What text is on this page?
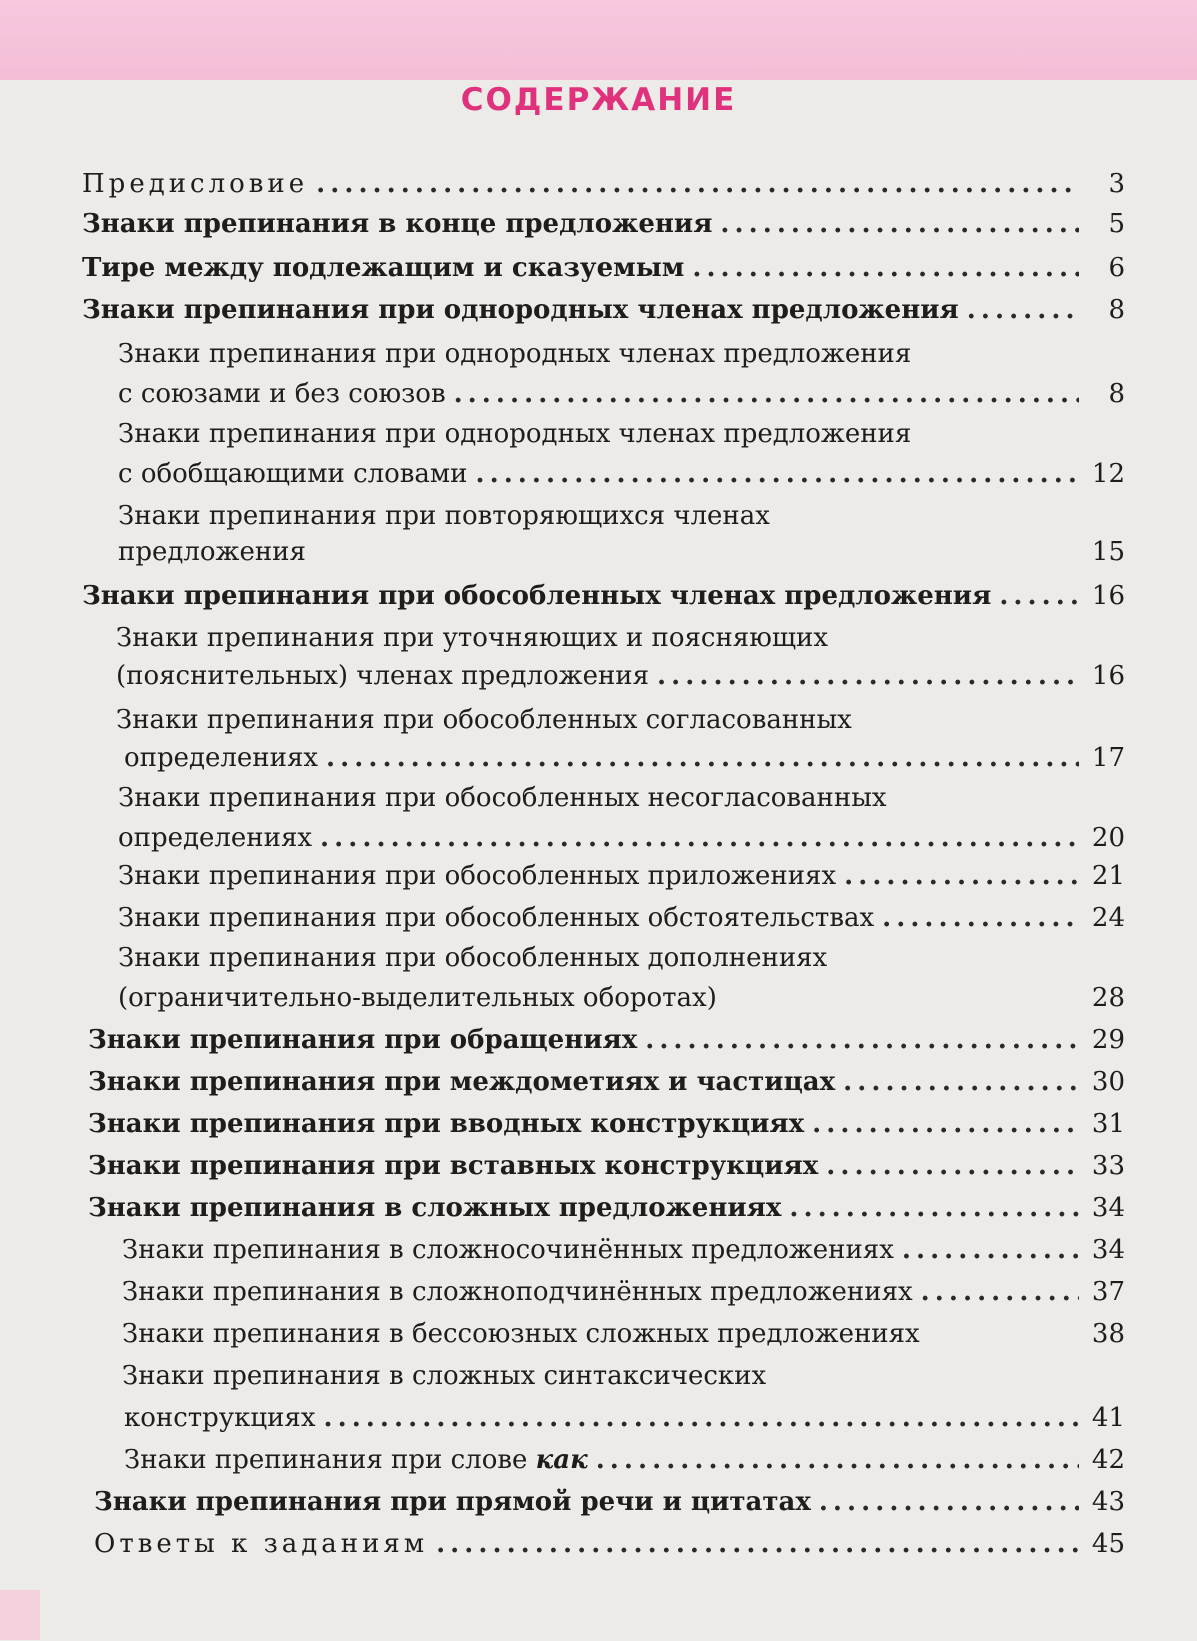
СОДЕРЖАНИЕ
Предисловие . . .	3
Знаки препинания в конце предложения . . .	5
Тире между подлежащим и сказуемым . . .	6
Знаки препинания при однородных членах предложения . . .	8
Знаки препинания при однородных членах предложения
с союзами и без союзов . . .	8
Знаки препинания при однородных членах предложения
с обобщающими словами . . .	12
Знаки препинания при повторяющихся членах
предложения	15
Знаки препинания при обособленных членах предложения . . .	16
Знаки препинания при уточняющих и поясняющих
(пояснительных) членах предложения . . .	16
Знаки препинания при обособленных согласованных
определениях . . .	17
Знаки препинания при обособленных несогласованных
определениях . . .	20
Знаки препинания при обособленных приложениях . . .	21
Знаки препинания при обособленных обстоятельствах . . .	24
Знаки препинания при обособленных дополнениях
(ограничительно-выделительных оборотах)	28
Знаки препинания при обращениях . . .	29
Знаки препинания при междометиях и частицах . . .	30
Знаки препинания при вводных конструкциях . . .	31
Знаки препинания при вставных конструкциях . . .	33
Знаки препинания в сложных предложениях . . .	34
Знаки препинания в сложносочинённых предложениях . . .	34
Знаки препинания в сложноподчинённых предложениях . . .	37
Знаки препинания в бессоюзных сложных предложениях	38
Знаки препинания в сложных синтаксических
конструкциях . . .	41
Знаки препинания при слове как . . .	42
Знаки препинания при прямой речи и цитатах . . .	43
Ответы к заданиям . . .	45
